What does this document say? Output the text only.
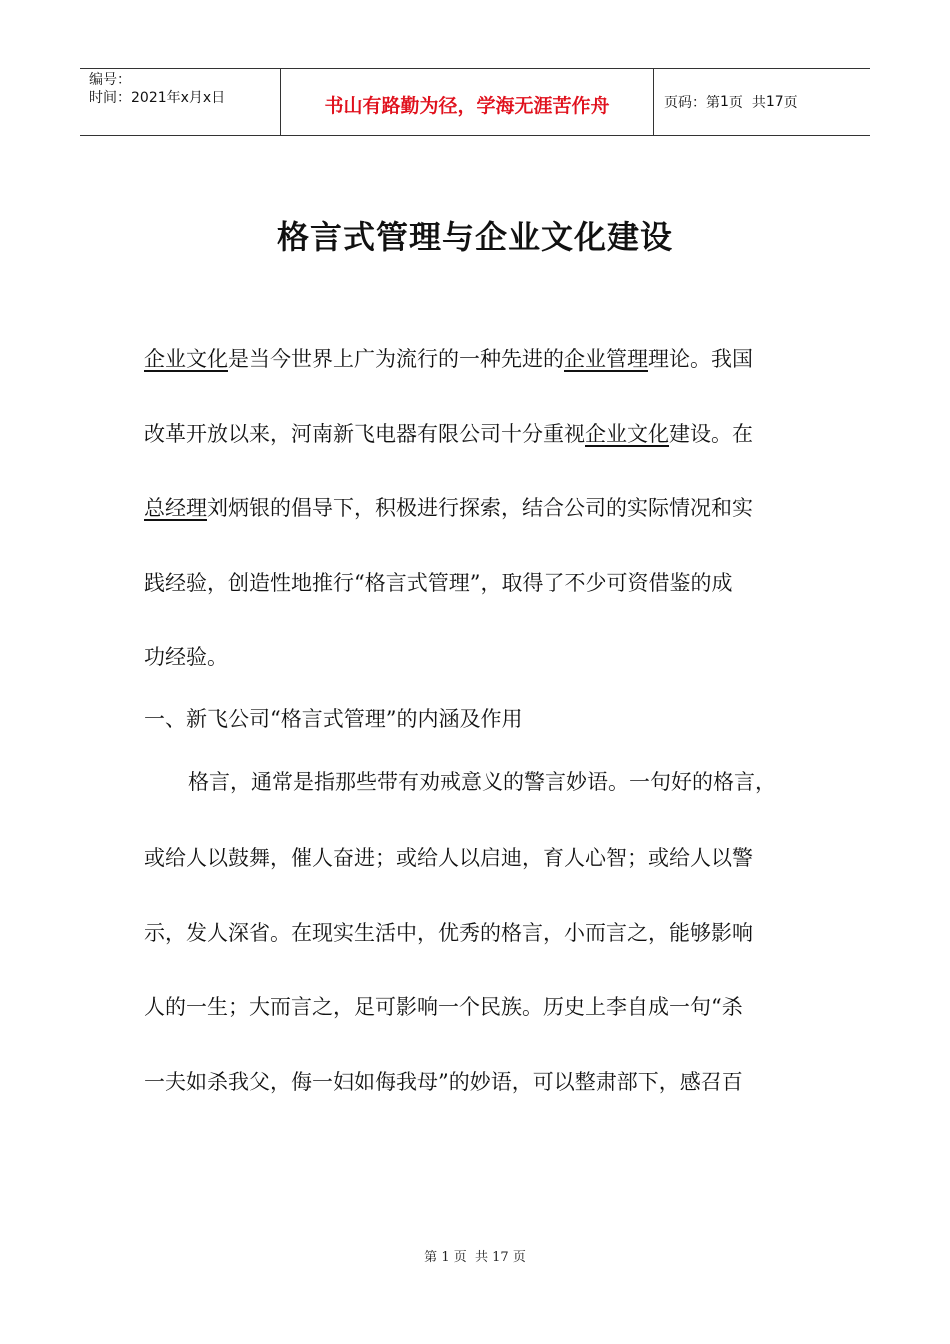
编号：
时间：2021年x月x日	书山有路勤为径，学海无涯苦作舟	页码：第 1 页  共 17 页
格言式管理与企业文化建设
企业文化是当今世界上广为流行的一种先进的企业管理理论。我国
改革开放以来，河南新飞电器有限公司十分重视企业文化建设。在
总经理刘炳银的倡导下，积极进行探索，结合公司的实际情况和实
践经验，创造性地推行“格言式管理”，取得了不少可资借鉴的成
功经验。
一、新飞公司“格言式管理”的内涵及作用
格言，通常是指那些带有劝戒意义的警言妙语。一句好的格言，
或给人以鼓舞，催人奋进；或给人以启迪，育人心智；或给人以警
示，发人深省。在现实生活中，优秀的格言，小而言之，能够影响
人的一生；大而言之，足可影响一个民族。历史上李自成一句“杀
一夫如杀我父，侮一妇如侮我母”的妙语，可以整肃部下，感召百
第 1 页  共 17 页
